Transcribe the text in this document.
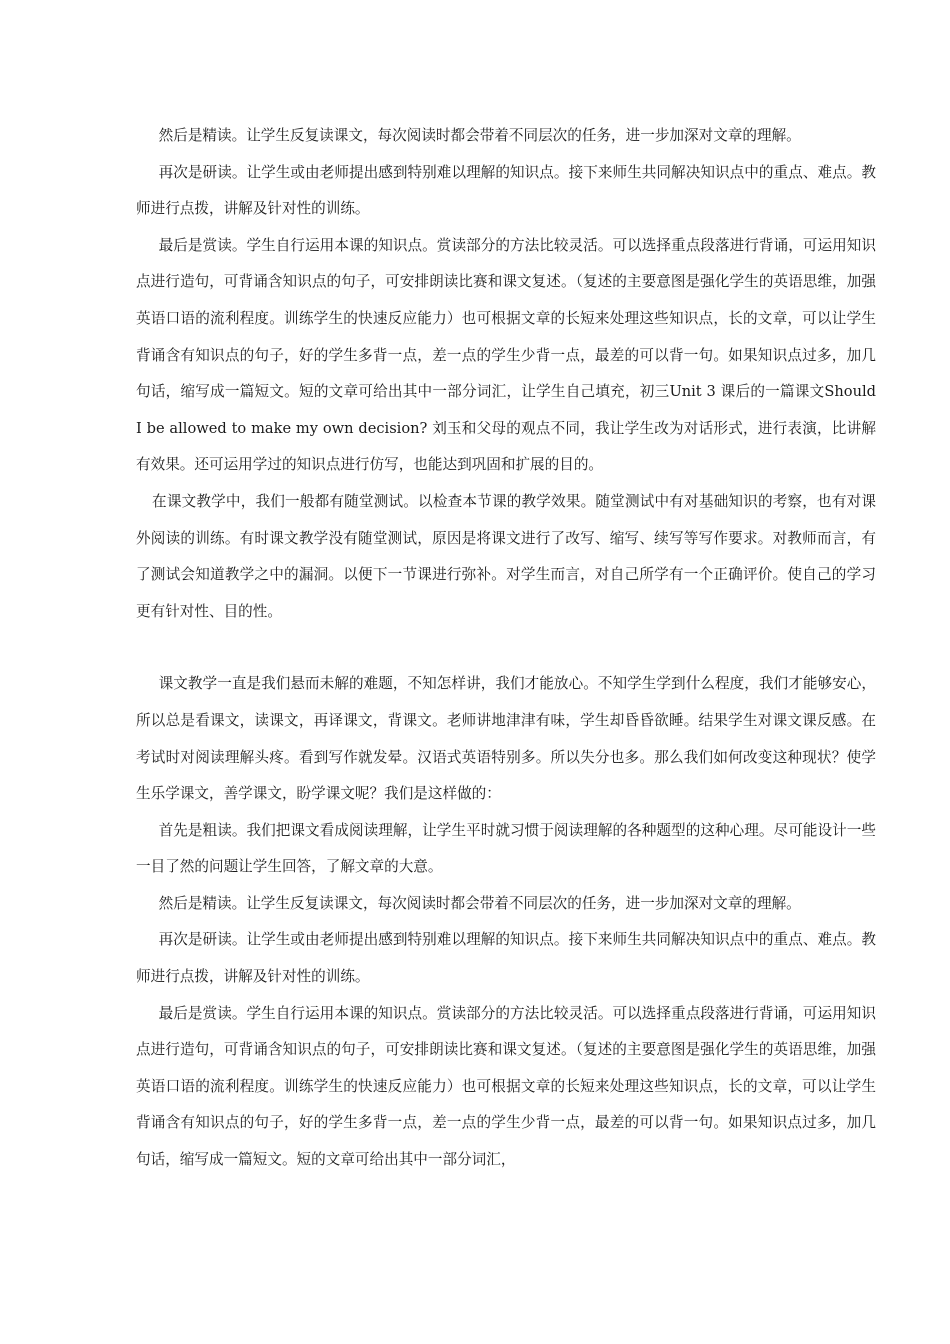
然后是精读。让学生反复读课文，每次阅读时都会带着不同层次的任务，进一步加深对文章的理解。

再次是研读。让学生或由老师提出感到特别难以理解的知识点。接下来师生共同解决知识点中的重点、难点。教师进行点拨，讲解及针对性的训练。

最后是赏读。学生自行运用本课的知识点。赏读部分的方法比较灵活。可以选择重点段落进行背诵，可运用知识点进行造句，可背诵含知识点的句子，可安排朗读比赛和课文复述。（复述的主要意图是强化学生的英语思维，加强英语口语的流利程度。训练学生的快速反应能力）也可根据文章的长短来处理这些知识点，长的文章，可以让学生背诵含有知识点的句子，好的学生多背一点，差一点的学生少背一点，最差的可以背一句。如果知识点过多，加几句话，缩写成一篇短文。短的文章可给出其中一部分词汇，让学生自己填充，初三Unit 3 课后的一篇课文Should I be allowed to make my own decision? 刘玉和父母的观点不同，我让学生改为对话形式，进行表演，比讲解有效果。还可运用学过的知识点进行仿写，也能达到巩固和扩展的目的。

在课文教学中，我们一般都有随堂测试。以检查本节课的教学效果。随堂测试中有对基础知识的考察，也有对课外阅读的训练。有时课文教学没有随堂测试，原因是将课文进行了改写、缩写、续写等写作要求。对教师而言，有了测试会知道教学之中的漏洞。以便下一节课进行弥补。对学生而言，对自己所学有一个正确评价。使自己的学习更有针对性、目的性。

课文教学一直是我们悬而未解的难题，不知怎样讲，我们才能放心。不知学生学到什么程度，我们才能够安心，所以总是看课文，读课文，再译课文，背课文。老师讲地津津有味，学生却昏昏欲睡。结果学生对课文课反感。在考试时对阅读理解头疼。看到写作就发晕。汉语式英语特别多。所以失分也多。那么我们如何改变这种现状？使学生乐学课文，善学课文，盼学课文呢？我们是这样做的：

首先是粗读。我们把课文看成阅读理解，让学生平时就习惯于阅读理解的各种题型的这种心理。尽可能设计一些一目了然的问题让学生回答，了解文章的大意。

然后是精读。让学生反复读课文，每次阅读时都会带着不同层次的任务，进一步加深对文章的理解。

再次是研读。让学生或由老师提出感到特别难以理解的知识点。接下来师生共同解决知识点中的重点、难点。教师进行点拨，讲解及针对性的训练。

最后是赏读。学生自行运用本课的知识点。赏读部分的方法比较灵活。可以选择重点段落进行背诵，可运用知识点进行造句，可背诵含知识点的句子，可安排朗读比赛和课文复述。（复述的主要意图是强化学生的英语思维，加强英语口语的流利程度。训练学生的快速反应能力）也可根据文章的长短来处理这些知识点，长的文章，可以让学生背诵含有知识点的句子，好的学生多背一点，差一点的学生少背一点，最差的可以背一句。如果知识点过多，加几句话，缩写成一篇短文。短的文章可给出其中一部分词汇，
